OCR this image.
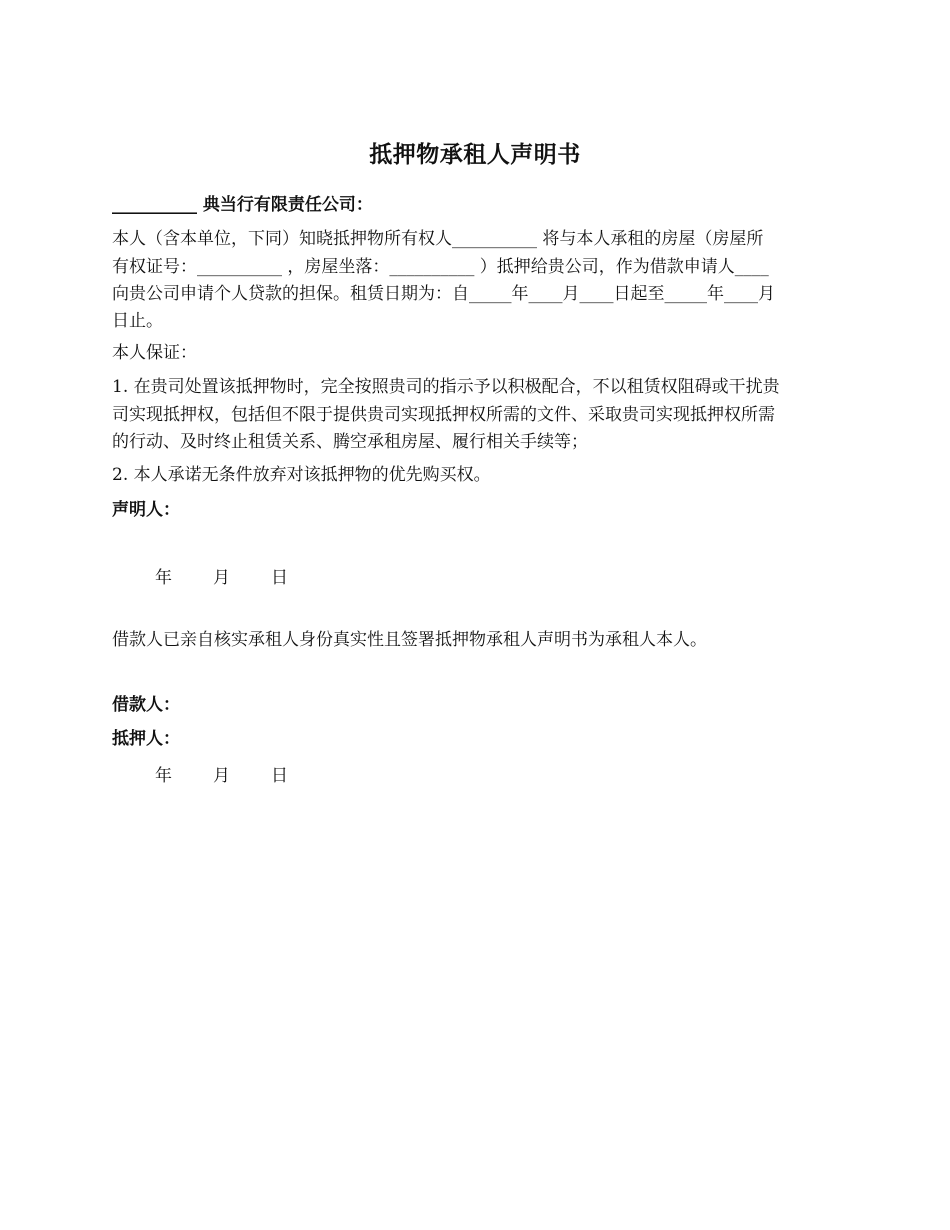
抵押物承租人声明书
__________ 典当行有限责任公司：
本人（含本单位，下同）知晓抵押物所有权人__________ 将与本人承租的房屋（房屋所
有权证号：__________ ，房屋坐落：__________ ）抵押给贵公司，作为借款申请人____
向贵公司申请个人贷款的担保。租赁日期为：自_____年____月____日起至_____年____月
日止。
本人保证：
1. 在贵司处置该抵押物时，完全按照贵司的指示予以积极配合，不以租赁权阻碍或干扰贵
司实现抵押权，包括但不限于提供贵司实现抵押权所需的文件、采取贵司实现抵押权所需
的行动、及时终止租赁关系、腾空承租房屋、履行相关手续等；
2. 本人承诺无条件放弃对该抵押物的优先购买权。
声明人：
年 月 日
借款人已亲自核实承租人身份真实性且签署抵押物承租人声明书为承租人本人。
借款人：
抵押人：
年 月 日
